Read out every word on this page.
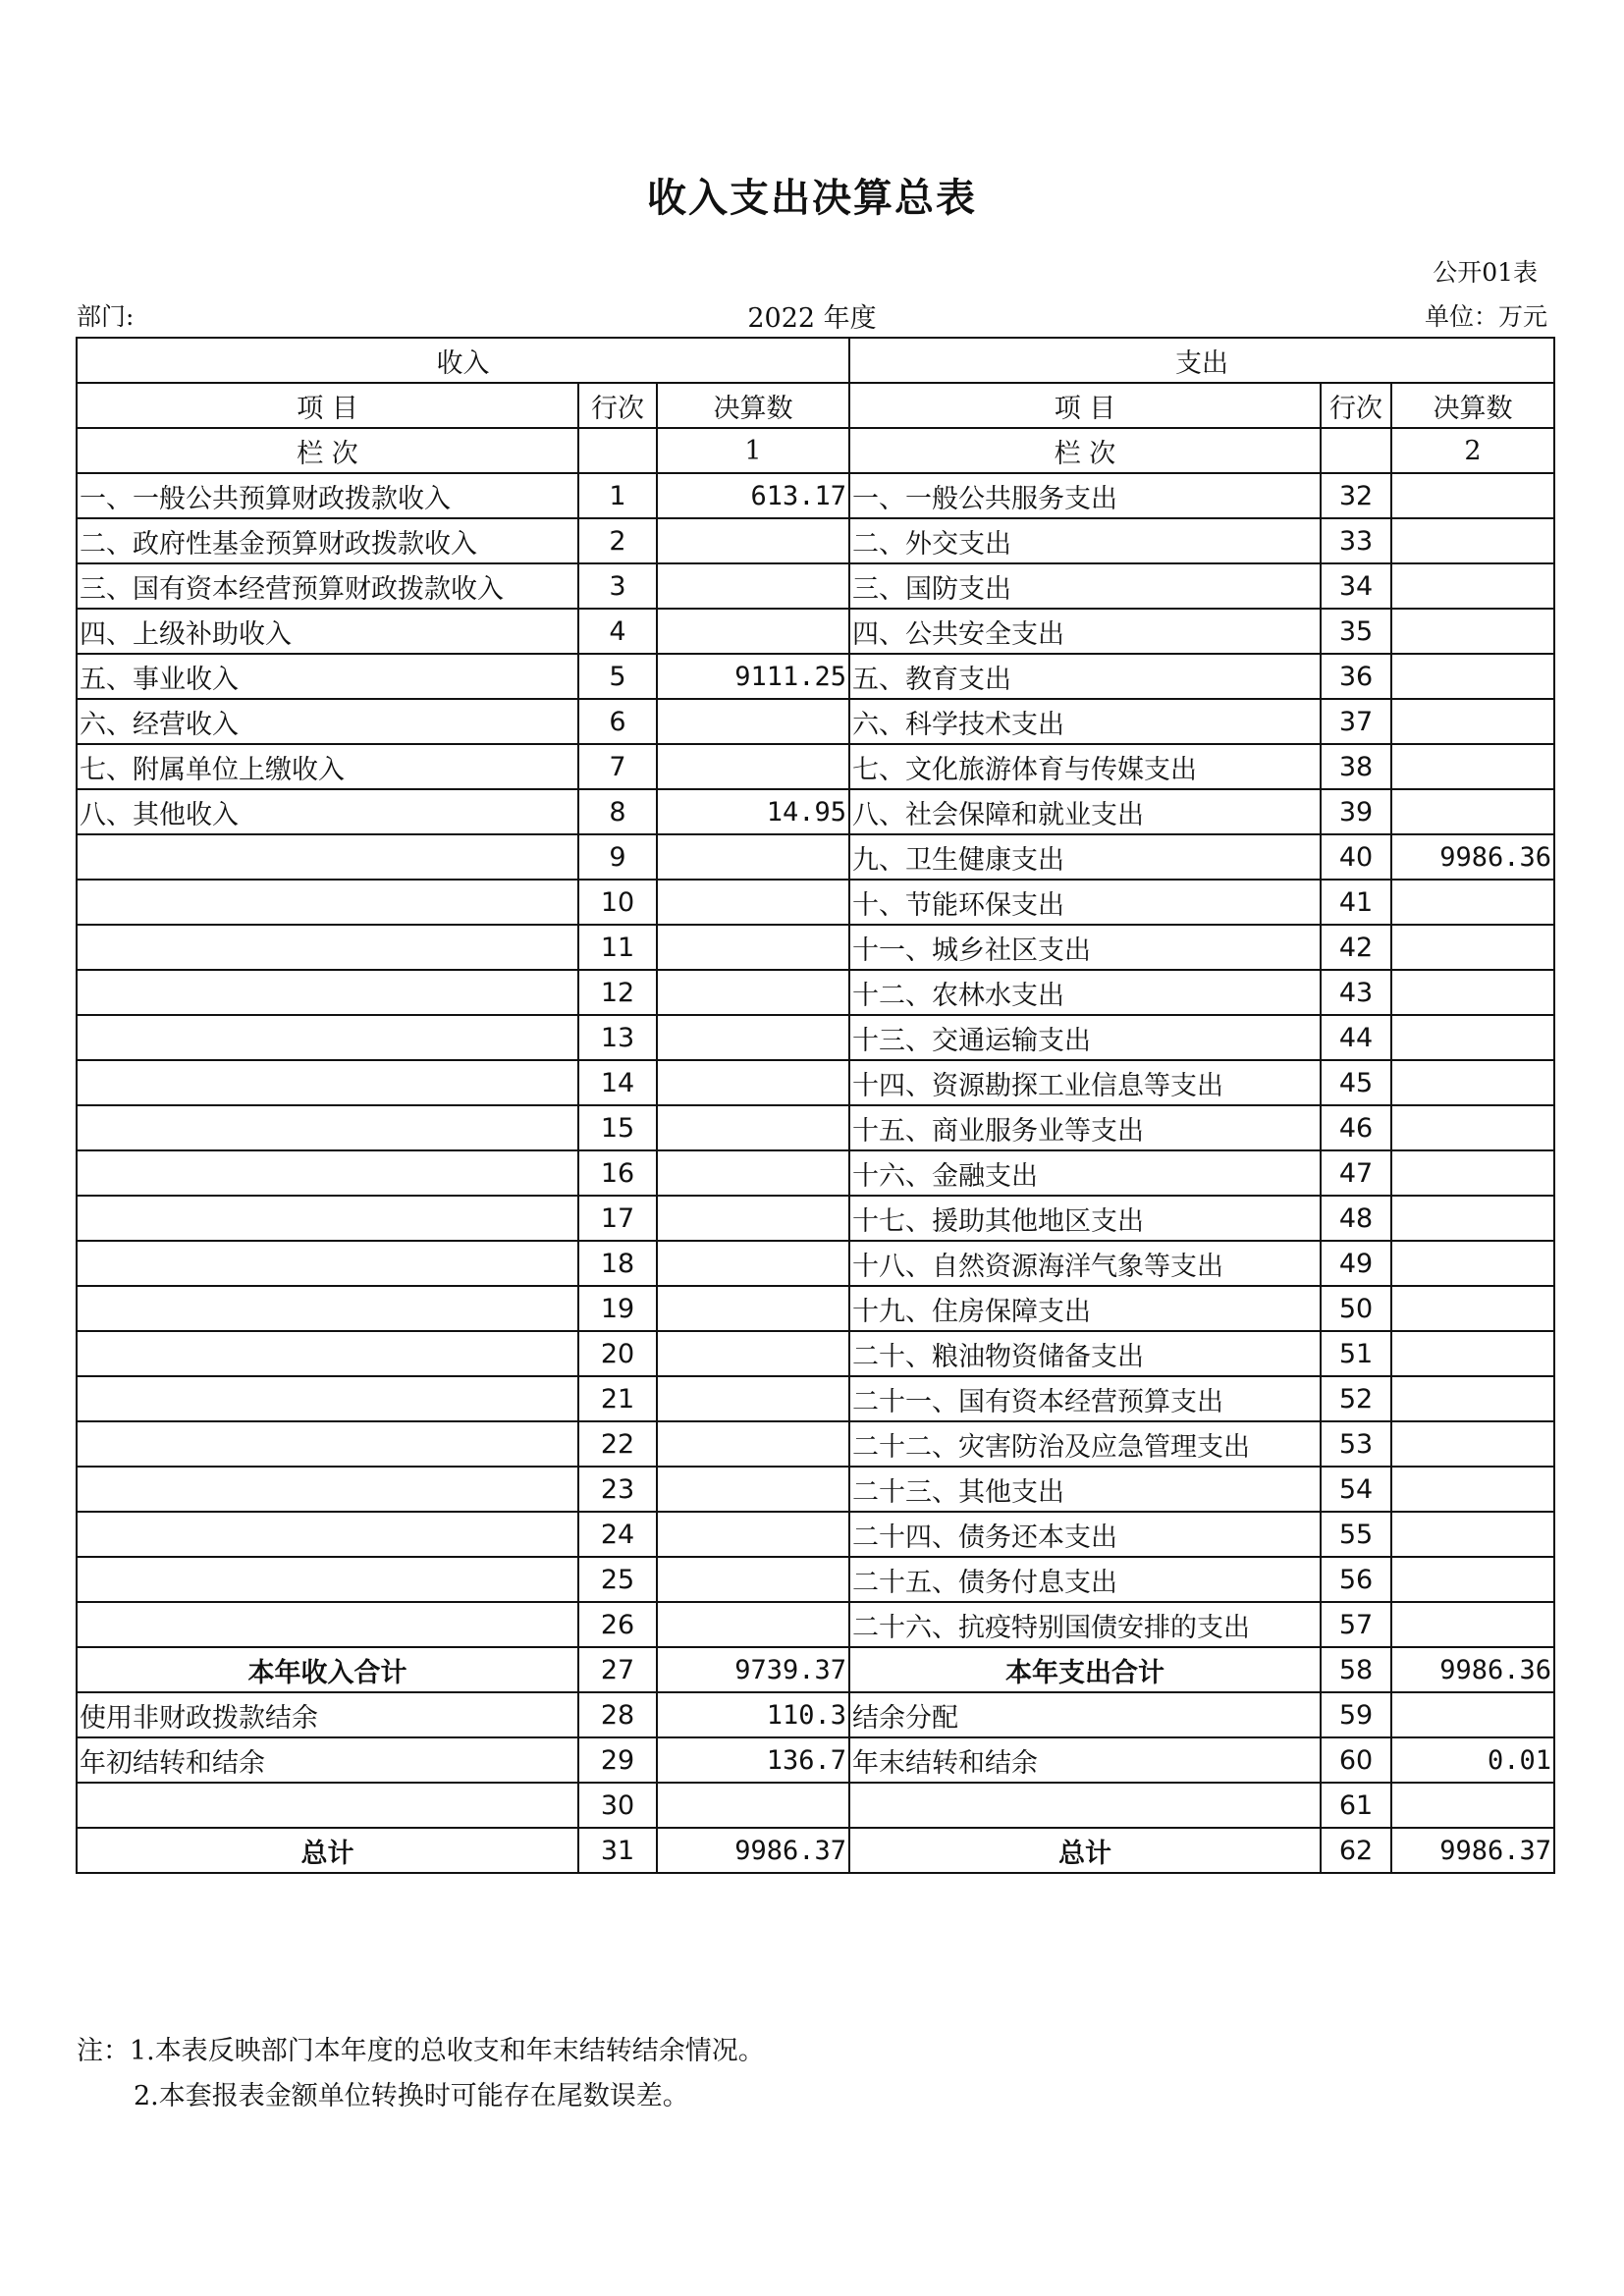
收入支出决算总表
公开01表
部门:	2022 年度	单位：万元
收入			支出		
项 目	行次	决算数	项 目	行次	决算数
栏 次		1	栏 次		2
一、一般公共预算财政拨款收入	1	613.17	一、一般公共服务支出	32	
二、政府性基金预算财政拨款收入	2		二、外交支出	33	
三、国有资本经营预算财政拨款收入	3		三、国防支出	34	
四、上级补助收入	4		四、公共安全支出	35	
五、事业收入	5	9111.25	五、教育支出	36	
六、经营收入	6		六、科学技术支出	37	
七、附属单位上缴收入	7		七、文化旅游体育与传媒支出	38	
八、其他收入	8	14.95	八、社会保障和就业支出	39	
	9		九、卫生健康支出	40	9986.36
	10		十、节能环保支出	41	
	11		十一、城乡社区支出	42	
	12		十二、农林水支出	43	
	13		十三、交通运输支出	44	
	14		十四、资源勘探工业信息等支出	45	
	15		十五、商业服务业等支出	46	
	16		十六、金融支出	47	
	17		十七、援助其他地区支出	48	
	18		十八、自然资源海洋气象等支出	49	
	19		十九、住房保障支出	50	
	20		二十、粮油物资储备支出	51	
	21		二十一、国有资本经营预算支出	52	
	22		二十二、灾害防治及应急管理支出	53	
	23		二十三、其他支出	54	
	24		二十四、债务还本支出	55	
	25		二十五、债务付息支出	56	
	26		二十六、抗疫特别国债安排的支出	57	
本年收入合计	27	9739.37	本年支出合计	58	9986.36
使用非财政拨款结余	28	110.3	结余分配	59	
年初结转和结余	29	136.7	年末结转和结余	60	0.01
	30			61	
总计	31	9986.37	总计	62	9986.37
注：1.本表反映部门本年度的总收支和年末结转结余情况。
2.本套报表金额单位转换时可能存在尾数误差。
